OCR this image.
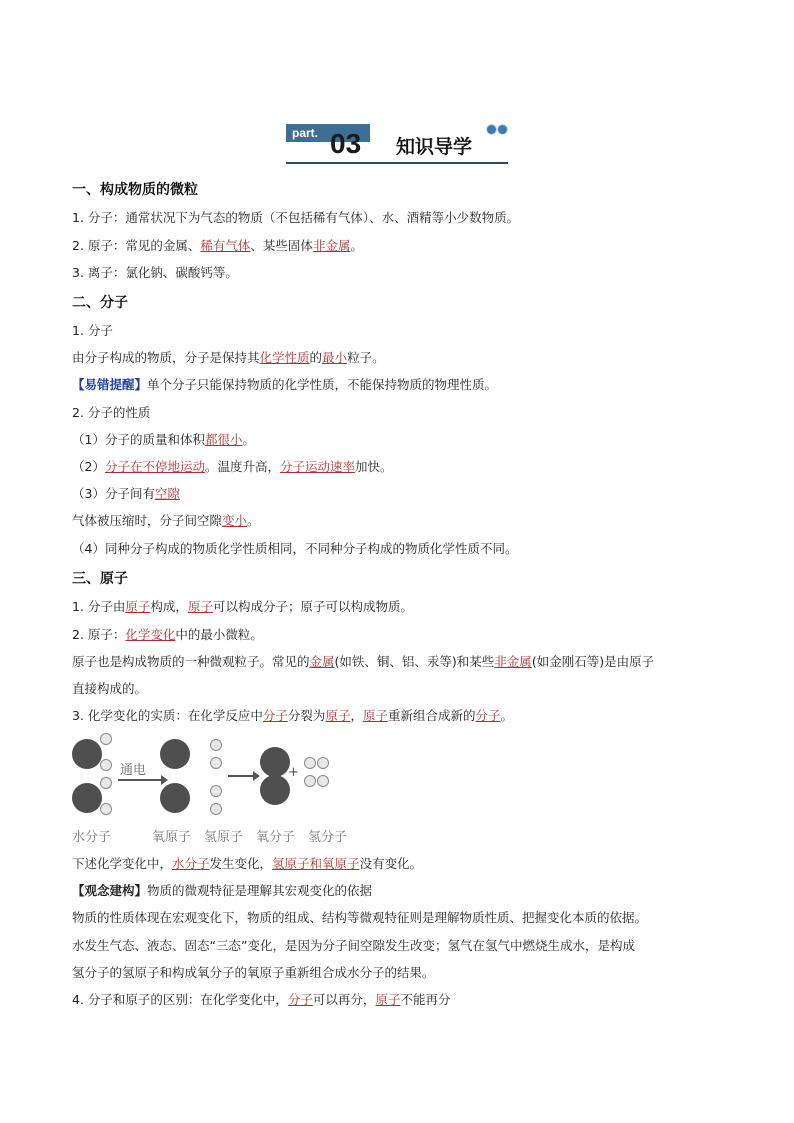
part. 03 知识导学
一、构成物质的微粒
1. 分子：通常状况下为气态的物质（不包括稀有气体）、水、酒精等小少数物质。
2. 原子：常见的金属、稀有气体、某些固体非金属。
3. 离子：氯化钠、碳酸钙等。
二、分子
1. 分子
由分子构成的物质，分子是保持其化学性质的最小粒子。
【易错提醒】单个分子只能保持物质的化学性质，不能保持物质的物理性质。
2. 分子的性质
（1）分子的质量和体积都很小。
（2）分子在不停地运动。温度升高，分子运动速率加快。
（3）分子间有空隙
气体被压缩时，分子间空隙变小。
（4）同种分子构成的物质化学性质相同，不同种分子构成的物质化学性质不同。
三、原子
1. 分子由原子构成，原子可以构成分子；原子可以构成物质。
2. 原子：化学变化中的最小微粒。
原子也是构成物质的一种微观粒子。常见的金属(如铁、铜、铝、汞等)和某些非金属(如金刚石等)是由原子
直接构成的。
3. 化学变化的实质：在化学反应中分子分裂为原子，原子重新组合成新的分子。
通电	+
水分子	氧原子 氢原子 氧分子 氢分子
下述化学变化中，水分子发生变化，氢原子和氧原子没有变化。
【观念建构】物质的微观特征是理解其宏观变化的依据
物质的性质体现在宏观变化下，物质的组成、结构等微观特征则是理解物质性质、把握变化本质的依据。
水发生气态、液态、固态“三态”变化，是因为分子间空隙发生改变；氢气在氢气中燃烧生成水，是构成
氢分子的氢原子和构成氧分子的氧原子重新组合成水分子的结果。
4. 分子和原子的区别：在化学变化中，分子可以再分，原子不能再分
